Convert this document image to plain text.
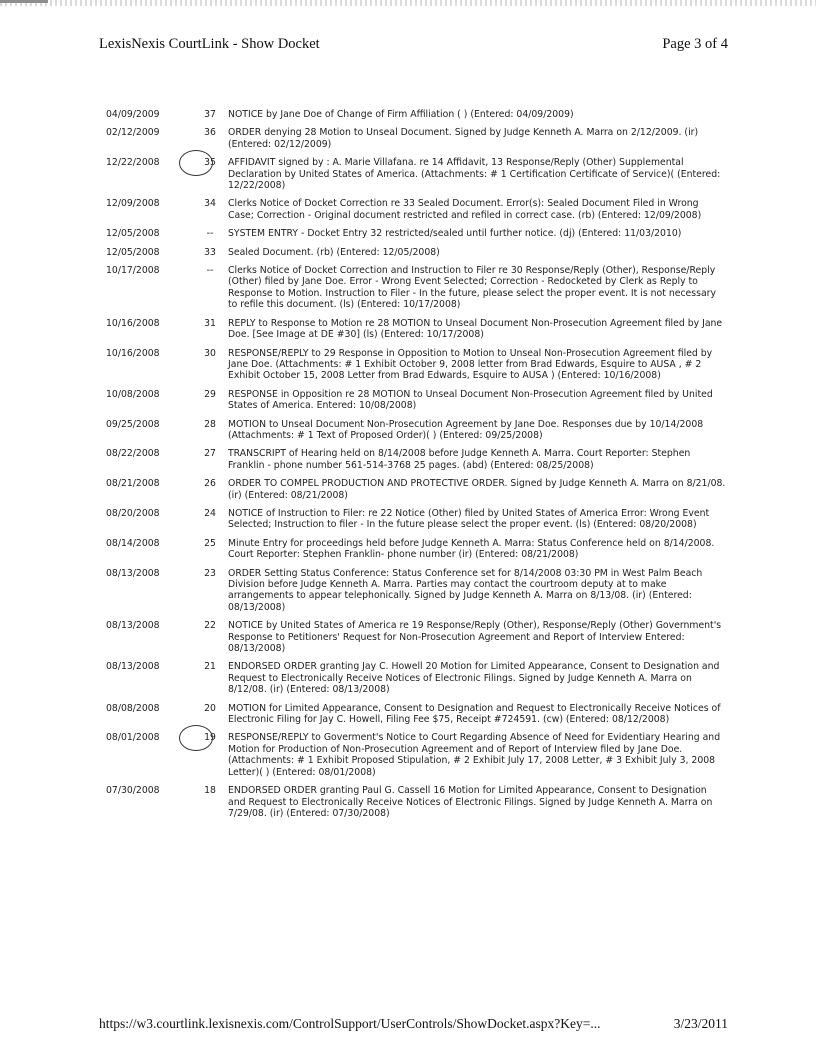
LexisNexis CourtLink - Show Docket	Page 3 of 4
04/09/2009	37	NOTICE by Jane Doe of Change of Firm Affiliation ( ) (Entered: 04/09/2009)
02/12/2009	36	ORDER denying 28 Motion to Unseal Document. Signed by Judge Kenneth A. Marra on 2/12/2009. (ir) (Entered: 02/12/2009)
12/22/2008	35	AFFIDAVIT signed by : A. Marie Villafana. re 14 Affidavit, 13 Response/Reply (Other) Supplemental Declaration by United States of America. (Attachments: # 1 Certification Certificate of Service)( (Entered: 12/22/2008)
12/09/2008	34	Clerks Notice of Docket Correction re 33 Sealed Document. Error(s): Sealed Document Filed in Wrong Case; Correction - Original document restricted and refiled in correct case. (rb) (Entered: 12/09/2008)
12/05/2008	--	SYSTEM ENTRY - Docket Entry 32 restricted/sealed until further notice. (dj) (Entered: 11/03/2010)
12/05/2008	33	Sealed Document. (rb) (Entered: 12/05/2008)
10/17/2008	--	Clerks Notice of Docket Correction and Instruction to Filer re 30 Response/Reply (Other), Response/Reply (Other) filed by Jane Doe. Error - Wrong Event Selected; Correction - Redocketed by Clerk as Reply to Response to Motion. Instruction to Filer - In the future, please select the proper event. It is not necessary to refile this document. (ls) (Entered: 10/17/2008)
10/16/2008	31	REPLY to Response to Motion re 28 MOTION to Unseal Document Non-Prosecution Agreement filed by Jane Doe. [See Image at DE #30] (ls) (Entered: 10/17/2008)
10/16/2008	30	RESPONSE/REPLY to 29 Response in Opposition to Motion to Unseal Non-Prosecution Agreement filed by Jane Doe. (Attachments: # 1 Exhibit October 9, 2008 letter from Brad Edwards, Esquire to AUSA , # 2 Exhibit October 15, 2008 Letter from Brad Edwards, Esquire to AUSA ) (Entered: 10/16/2008)
10/08/2008	29	RESPONSE in Opposition re 28 MOTION to Unseal Document Non-Prosecution Agreement filed by United States of America. Entered: 10/08/2008)
09/25/2008	28	MOTION to Unseal Document Non-Prosecution Agreement by Jane Doe. Responses due by 10/14/2008 (Attachments: # 1 Text of Proposed Order)( ) (Entered: 09/25/2008)
08/22/2008	27	TRANSCRIPT of Hearing held on 8/14/2008 before Judge Kenneth A. Marra. Court Reporter: Stephen Franklin - phone number 561-514-3768 25 pages. (abd) (Entered: 08/25/2008)
08/21/2008	26	ORDER TO COMPEL PRODUCTION AND PROTECTIVE ORDER. Signed by Judge Kenneth A. Marra on 8/21/08. (ir) (Entered: 08/21/2008)
08/20/2008	24	NOTICE of Instruction to Filer: re 22 Notice (Other) filed by United States of America Error: Wrong Event Selected; Instruction to filer - In the future please select the proper event. (ls) (Entered: 08/20/2008)
08/14/2008	25	Minute Entry for proceedings held before Judge Kenneth A. Marra: Status Conference held on 8/14/2008. Court Reporter: Stephen Franklin- phone number (ir) (Entered: 08/21/2008)
08/13/2008	23	ORDER Setting Status Conference: Status Conference set for 8/14/2008 03:30 PM in West Palm Beach Division before Judge Kenneth A. Marra. Parties may contact the courtroom deputy at to make arrangements to appear telephonically. Signed by Judge Kenneth A. Marra on 8/13/08. (ir) (Entered: 08/13/2008)
08/13/2008	22	NOTICE by United States of America re 19 Response/Reply (Other), Response/Reply (Other) Government's Response to Petitioners' Request for Non-Prosecution Agreement and Report of Interview Entered: 08/13/2008)
08/13/2008	21	ENDORSED ORDER granting Jay C. Howell 20 Motion for Limited Appearance, Consent to Designation and Request to Electronically Receive Notices of Electronic Filings. Signed by Judge Kenneth A. Marra on 8/12/08. (ir) (Entered: 08/13/2008)
08/08/2008	20	MOTION for Limited Appearance, Consent to Designation and Request to Electronically Receive Notices of Electronic Filing for Jay C. Howell, Filing Fee $75, Receipt #724591. (cw) (Entered: 08/12/2008)
08/01/2008	19	RESPONSE/REPLY to Goverment's Notice to Court Regarding Absence of Need for Evidentiary Hearing and Motion for Production of Non-Prosecution Agreement and of Report of Interview filed by Jane Doe. (Attachments: # 1 Exhibit Proposed Stipulation, # 2 Exhibit July 17, 2008 Letter, # 3 Exhibit July 3, 2008 Letter)( ) (Entered: 08/01/2008)
07/30/2008	18	ENDORSED ORDER granting Paul G. Cassell 16 Motion for Limited Appearance, Consent to Designation and Request to Electronically Receive Notices of Electronic Filings. Signed by Judge Kenneth A. Marra on 7/29/08. (ir) (Entered: 07/30/2008)
https://w3.courtlink.lexisnexis.com/ControlSupport/UserControls/ShowDocket.aspx?Key=...	3/23/2011
